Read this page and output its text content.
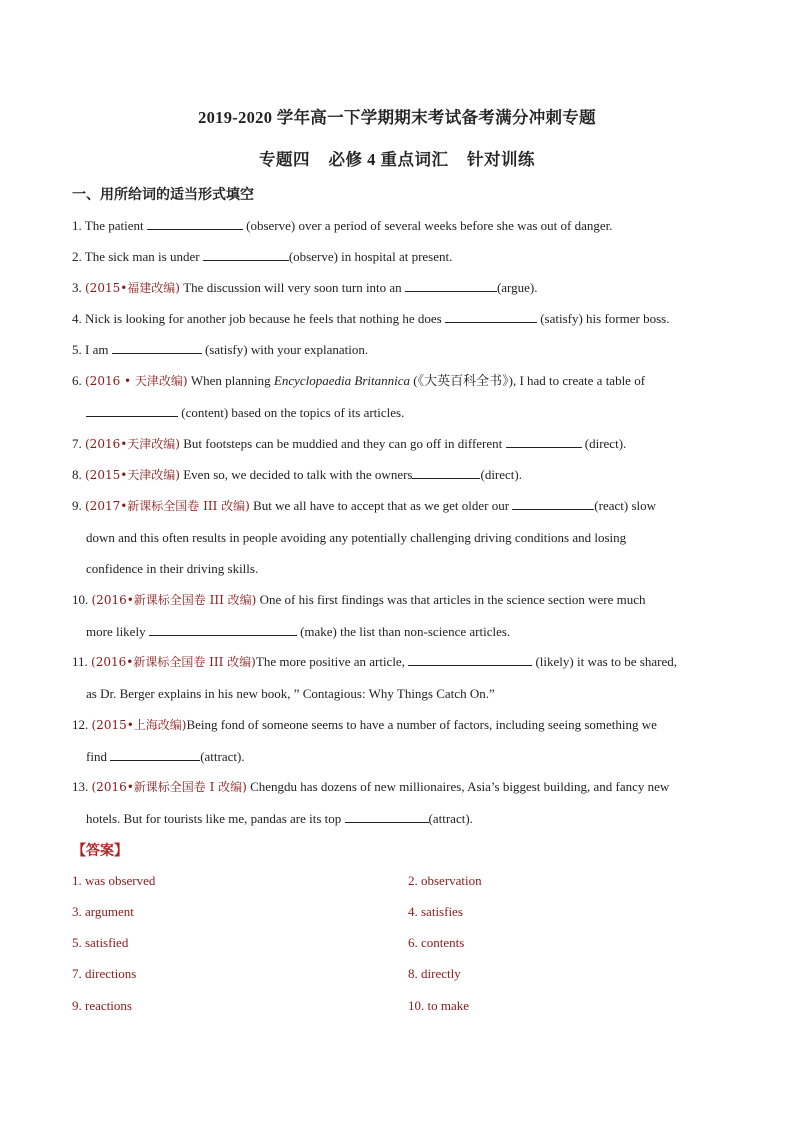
2019-2020 学年高一下学期期末考试备考满分冲刺专题
专题四    必修 4 重点词汇    针对训练
一、用所给词的适当形式填空
1. The patient	(observe) over a period of several weeks before she was out of danger.
2. The sick man is under	(observe) in hospital at present.
3. (2015•福建改编) The discussion will very soon turn into an	(argue).
4. Nick is looking for another job because he feels that nothing he does	(satisfy) his former boss.
5. I am	(satisfy) with your explanation.
6. (2016 • 天津改编) When planning Encyclopaedia Britannica (《大英百科全书》), I had to create a table of
(content) based on the topics of its articles.
7. (2016•天津改编) But footsteps can be muddied and they can go off in different	(direct).
8. (2015•天津改编) Even so, we decided to talk with the owners	(direct).
9. (2017•新课标全国卷 III 改编) But we all have to accept that as we get older our	(react) slow
down and this often results in people avoiding any potentially challenging driving conditions and losing
confidence in their driving skills.
10. (2016•新课标全国卷 III 改编) One of his first findings was that articles in the science section were much
more likely	(make) the list than non-science articles.
11. (2016•新课标全国卷 III 改编)The more positive an article,	(likely) it was to be shared,
as Dr. Berger explains in his new book, ” Contagious: Why Things Catch On.”
12. (2015•上海改编)Being fond of someone seems to have a number of factors, including seeing something we
find	(attract).
13. (2016•新课标全国卷 I 改编) Chengdu has dozens of new millionaires, Asia’s biggest building, and fancy new
hotels. But for tourists like me, pandas are its top	(attract).
【答案】
1. was observed	2. observation
3. argument	4. satisfies
5. satisfied	6. contents
7. directions	8. directly
9. reactions	10. to make
